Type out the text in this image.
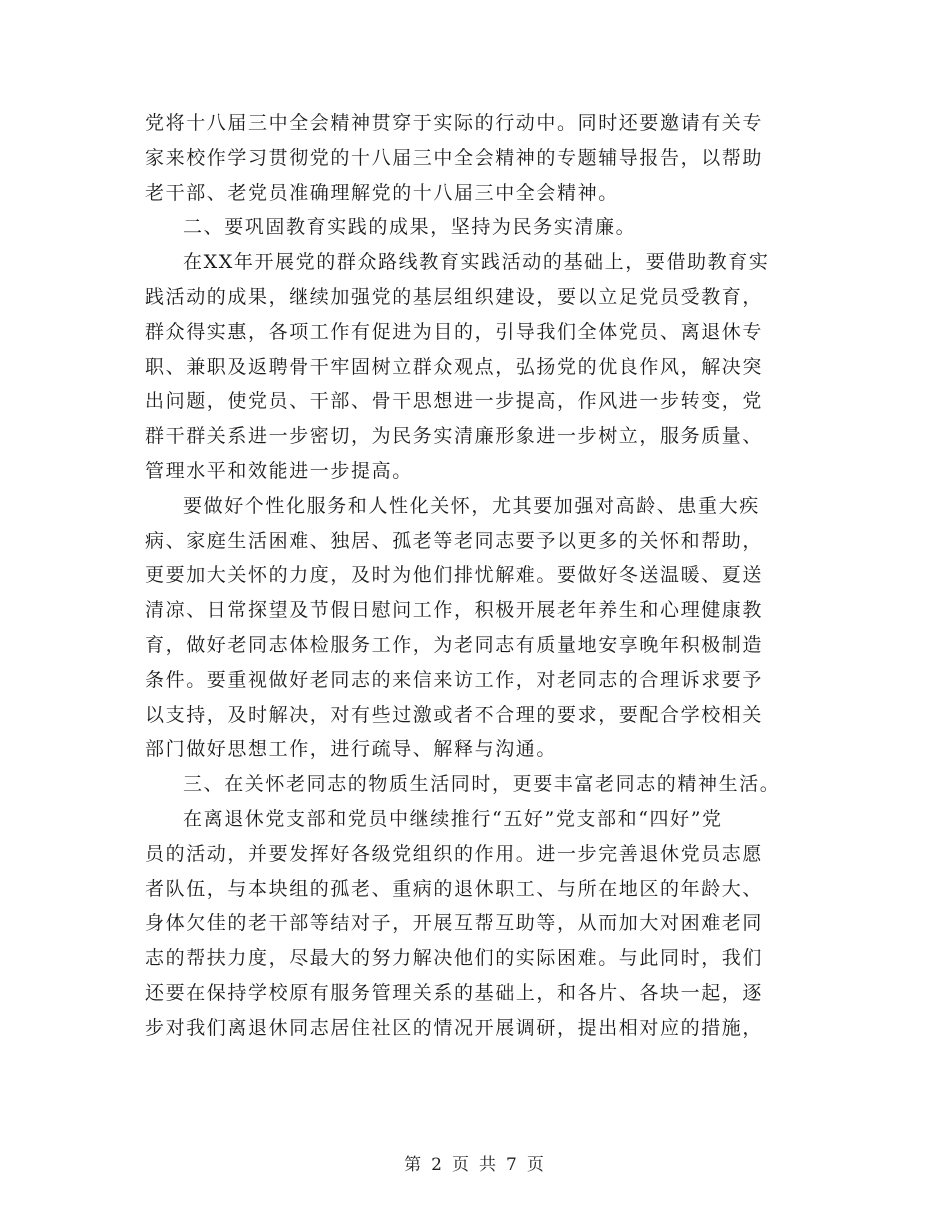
党将十八届三中全会精神贯穿于实际的行动中。同时还要邀请有关专
家来校作学习贯彻党的十八届三中全会精神的专题辅导报告，以帮助
老干部、老党员准确理解党的十八届三中全会精神。
二、要巩固教育实践的成果，坚持为民务实清廉。
在XX年开展党的群众路线教育实践活动的基础上，要借助教育实
践活动的成果，继续加强党的基层组织建设，要以立足党员受教育，
群众得实惠，各项工作有促进为目的，引导我们全体党员、离退休专
职、兼职及返聘骨干牢固树立群众观点，弘扬党的优良作风，解决突
出问题，使党员、干部、骨干思想进一步提高，作风进一步转变，党
群干群关系进一步密切，为民务实清廉形象进一步树立，服务质量、
管理水平和效能进一步提高。
要做好个性化服务和人性化关怀，尤其要加强对高龄、患重大疾
病、家庭生活困难、独居、孤老等老同志要予以更多的关怀和帮助，
更要加大关怀的力度，及时为他们排忧解难。要做好冬送温暖、夏送
清凉、日常探望及节假日慰问工作，积极开展老年养生和心理健康教
育，做好老同志体检服务工作，为老同志有质量地安享晚年积极制造
条件。要重视做好老同志的来信来访工作，对老同志的合理诉求要予
以支持，及时解决，对有些过激或者不合理的要求，要配合学校相关
部门做好思想工作，进行疏导、解释与沟通。
三、在关怀老同志的物质生活同时，更要丰富老同志的精神生活。
在离退休党支部和党员中继续推行“五好”党支部和“四好”党
员的活动，并要发挥好各级党组织的作用。进一步完善退休党员志愿
者队伍，与本块组的孤老、重病的退休职工、与所在地区的年龄大、
身体欠佳的老干部等结对子，开展互帮互助等，从而加大对困难老同
志的帮扶力度，尽最大的努力解决他们的实际困难。与此同时，我们
还要在保持学校原有服务管理关系的基础上，和各片、各块一起，逐
步对我们离退休同志居住社区的情况开展调研，提出相对应的措施，
第 2 页 共 7 页
